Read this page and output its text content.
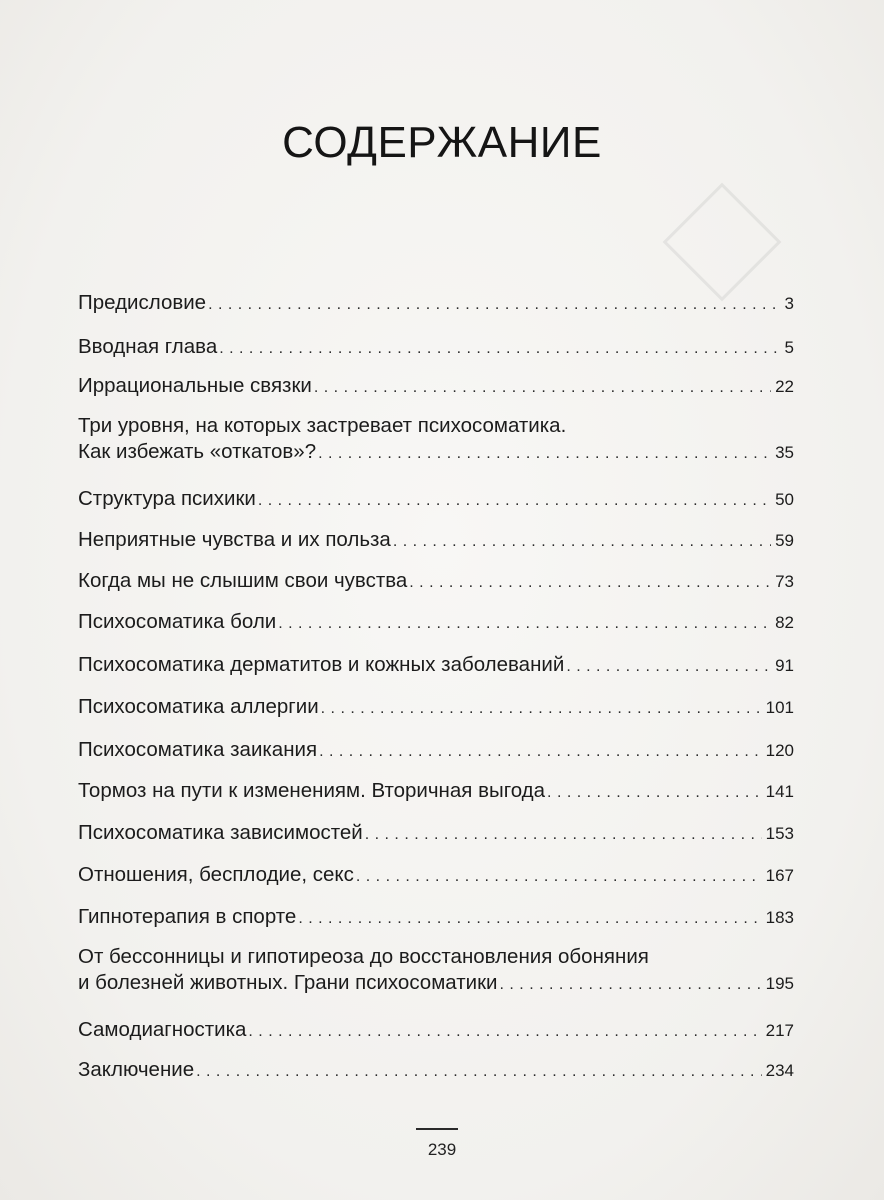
СОДЕРЖАНИЕ
Предисловие . . .	3
Вводная глава . . .	5
Иррациональные связки . . .	22
Три уровня, на которых застревает психосоматика.
Как избежать «откатов»? . . .	35
Структура психики . . .	50
Неприятные чувства и их польза . . .	59
Когда мы не слышим свои чувства . . .	73
Психосоматика боли . . .	82
Психосоматика дерматитов и кожных заболеваний . . .	91
Психосоматика аллергии . . .	101
Психосоматика заикания . . .	120
Тормоз на пути к изменениям. Вторичная выгода . . .	141
Психосоматика зависимостей . . .	153
Отношения, бесплодие, секс . . .	167
Гипнотерапия в спорте . . .	183
От бессонницы и гипотиреоза до восстановления обоняния
и болезней животных. Грани психосоматики . . .	195
Самодиагностика . . .	217
Заключение . . .	234
239
